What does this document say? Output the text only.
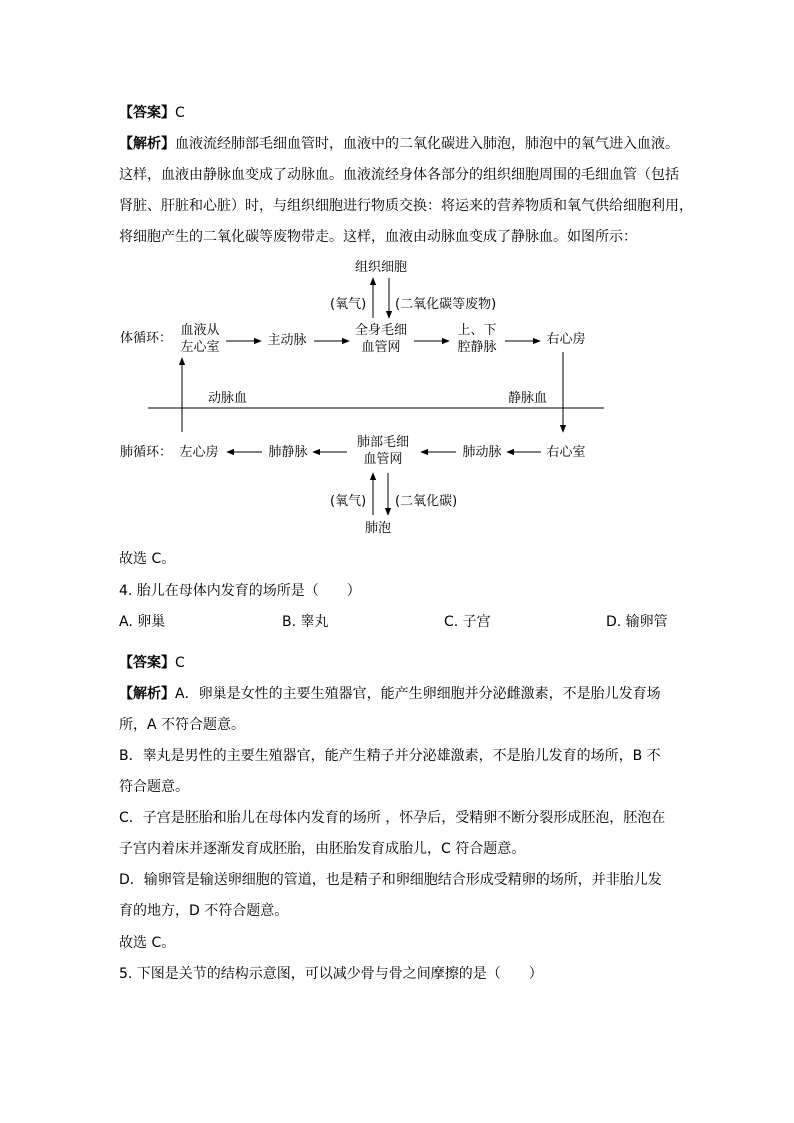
【答案】C
【解析】血液流经肺部毛细血管时，血液中的二氧化碳进入肺泡，肺泡中的氧气进入血液。
这样，血液由静脉血变成了动脉血。血液流经身体各部分的组织细胞周围的毛细血管（包括
肾脏、肝脏和心脏）时，与组织细胞进行物质交换：将运来的营养物质和氧气供给细胞利用，
将细胞产生的二氧化碳等废物带走。这样，血液由动脉血变成了静脉血。如图所示：
组织细胞
(氧气) (二氧化碳等废物)
体循环：
血液从
左心室	主动脉
全身毛细
血管网
上、下
腔静脉
右心房
动脉血	静脉血
肺循环： 左心房	肺静脉
肺部毛细
血管网	肺动脉	右心室
(氧气) (二氧化碳)
肺泡
故选 C。
4. 胎儿在母体内发育的场所是（　　）
A. 卵巢	B. 睾丸	C. 子宫	D. 输卵管
【答案】C
【解析】A．卵巢是女性的主要生殖器官，能产生卵细胞并分泌雌激素，不是胎儿发育场
所，A 不符合题意。
B．睾丸是男性的主要生殖器官，能产生精子并分泌雄激素，不是胎儿发育的场所，B 不
符合题意。
C．子宫是胚胎和胎儿在母体内发育的场所 ，怀孕后，受精卵不断分裂形成胚泡，胚泡在
子宫内着床并逐渐发育成胚胎，由胚胎发育成胎儿，C 符合题意。
D．输卵管是输送卵细胞的管道，也是精子和卵细胞结合形成受精卵的场所，并非胎儿发
育的地方，D 不符合题意。
故选 C。
5. 下图是关节的结构示意图，可以减少骨与骨之间摩擦的是（　　）
